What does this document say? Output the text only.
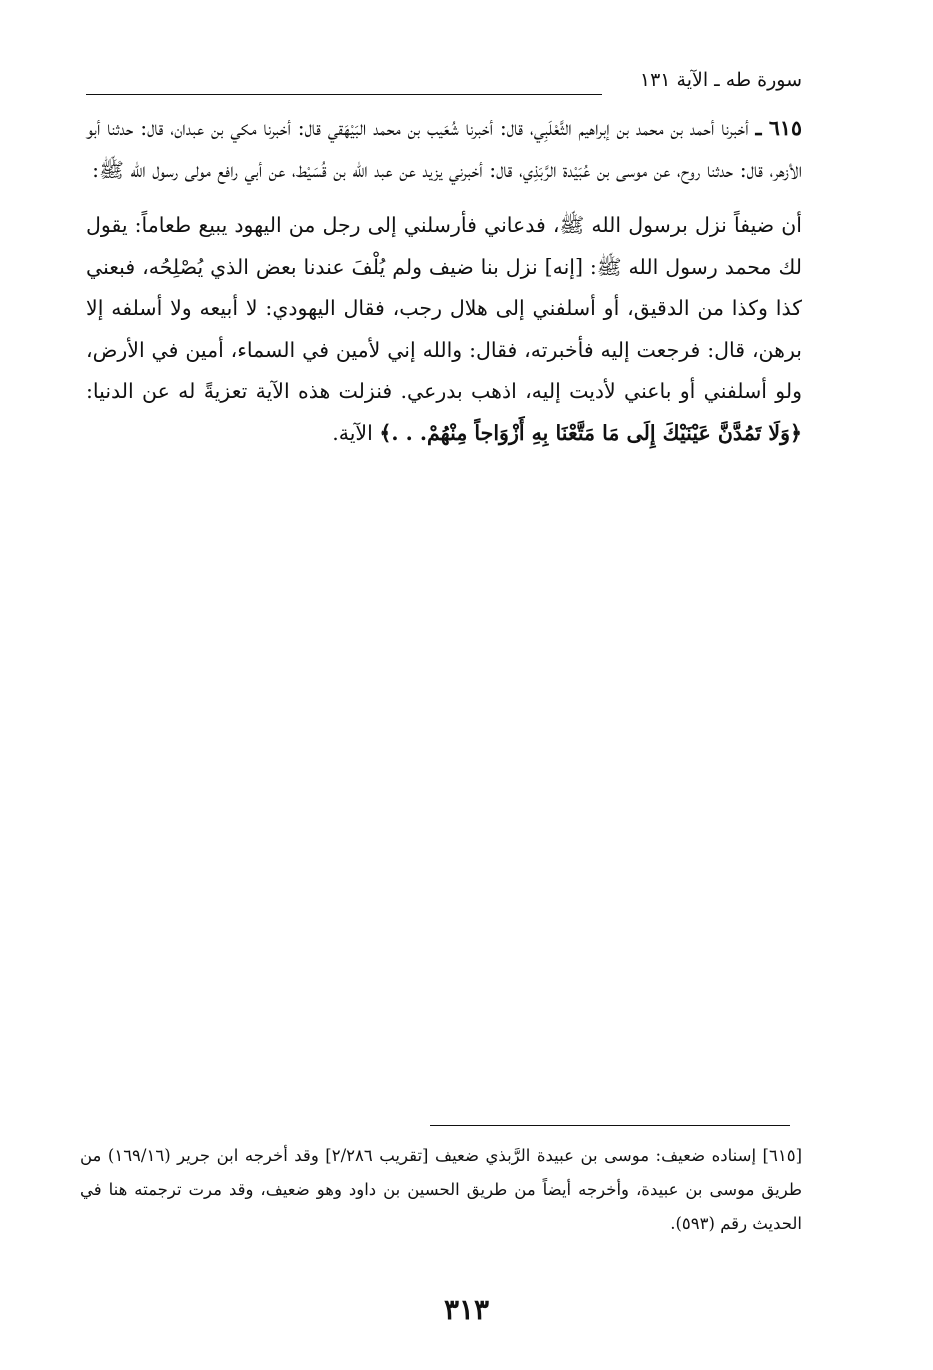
سورة طه ـ الآية ١٣١

٦١٥ ـ أخبرنا أحمد بن محمد بن إبراهيم الثَّعْلَبِي، قال: أخبرنا شُعَيب بن محمد البَيْهَقي قال: أخبرنا مكي بن عبدان، قال: حدثنا أبو الأزهر، قال: حدثنا روح، عن موسى بن عُبَيْدة الرَّبَذِي، قال: أخبرني يزيد عن عبد الله بن قُسَيْط، عن أبي رافع مولى رسول الله ﷺ:

أن ضيفاً نزل برسول الله ﷺ، فدعاني فأرسلني إلى رجل من اليهود يبيع طعاماً: يقول لك محمد رسول الله ﷺ: [إنه] نزل بنا ضيف ولم يُلْفَ عندنا بعض الذي يُصْلِحُه، فبعني كذا وكذا من الدقيق، أو أسلفني إلى هلال رجب، فقال اليهودي: لا أبيعه ولا أسلفه إلا برهن، قال: فرجعت إليه فأخبرته، فقال: والله إني لأمين في السماء، أمين في الأرض، ولو أسلفني أو باعني لأديت إليه، اذهب بدرعي. فنزلت هذه الآية تعزيةً له عن الدنيا: ﴿وَلَا تَمُدَّنَّ عَيْنَيْكَ إِلَى مَا مَتَّعْنَا بِهِ أَزْوَاجاً مِنْهُمْ. . .﴾ الآية.

[٦١٥] إسناده ضعيف: موسى بن عبيدة الرَّبذي ضعيف [تقريب ٢/٢٨٦] وقد أخرجه ابن جرير (١٦٩/١٦) من طريق موسى بن عبيدة، وأخرجه أيضاً من طريق الحسين بن داود وهو ضعيف، وقد مرت ترجمته هنا في الحديث رقم (٥٩٣).

٣١٣
